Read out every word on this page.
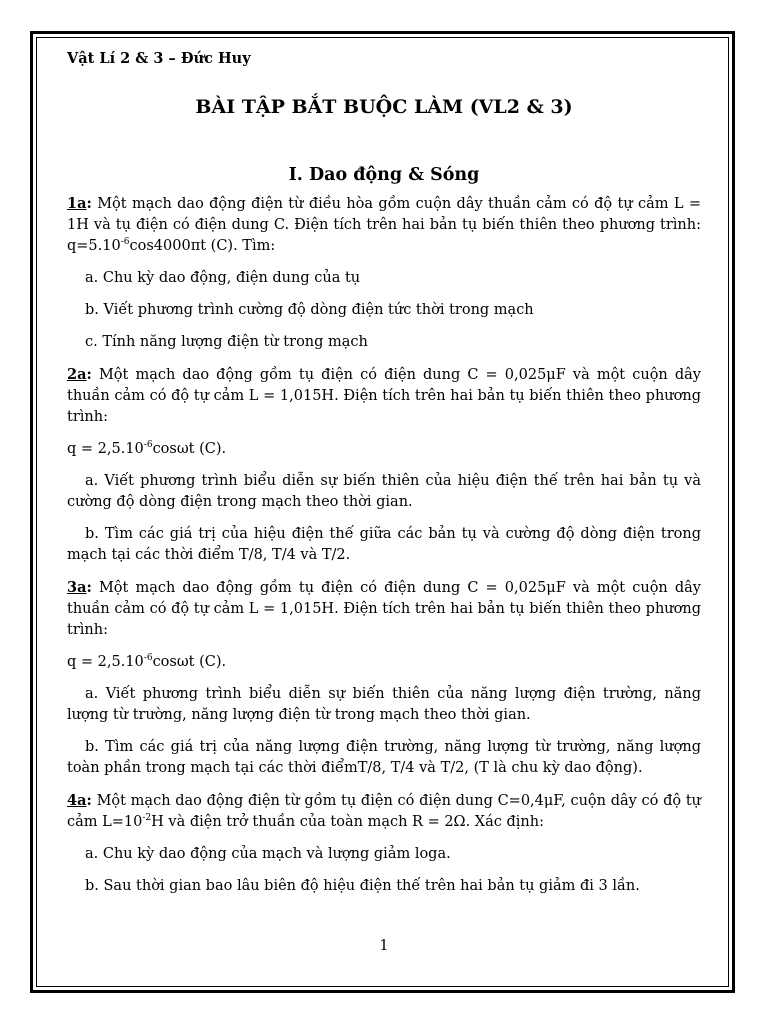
Vật Lí 2 & 3 – Đức Huy

BÀI TẬP BẮT BUỘC LÀM (VL2 & 3)
I. Dao động & Sóng

1a: Một mạch dao động điện từ điều hòa gồm cuộn dây thuần cảm có độ tự cảm L = 1H và tụ điện có điện dung C. Điện tích trên hai bản tụ biến thiên theo phương trình: $q=5.10^{-6}\cos 4000\pi t$ (C). Tìm:

a. Chu kỳ dao động, điện dung của tụ

b. Viết phương trình cường độ dòng điện tức thời trong mạch

c. Tính năng lượng điện từ trong mạch

2a: Một mạch dao động gồm tụ điện có điện dung C = 0,025μF và một cuộn dây thuần cảm có độ tự cảm L = 1,015H. Điện tích trên hai bản tụ biến thiên theo phương trình:

$q = 2,5.10^{-6}\cos\omega t$ (C).

a. Viết phương trình biểu diễn sự biến thiên của hiệu điện thế trên hai bản tụ và cường độ dòng điện trong mạch theo thời gian.

b. Tìm các giá trị của hiệu điện thế giữa các bản tụ và cường độ dòng điện trong mạch tại các thời điểm T/8, T/4 và T/2.

3a: Một mạch dao động gồm tụ điện có điện dung C = 0,025μF và một cuộn dây thuần cảm có độ tự cảm L = 1,015H. Điện tích trên hai bản tụ biến thiên theo phương trình:

$q = 2,5.10^{-6}\cos\omega t$ (C).

a. Viết phương trình biểu diễn sự biến thiên của năng lượng điện trường, năng lượng từ trường, năng lượng điện từ trong mạch theo thời gian.

b. Tìm các giá trị của năng lượng điện trường, năng lượng từ trường, năng lượng toàn phần trong mạch tại các thời điểmT/8, T/4 và T/2, (T là chu kỳ dao động).

4a: Một mạch dao động điện từ gồm tụ điện có điện dung C=0,4μF, cuộn dây có độ tự cảm $L=10^{-2}H$ và điện trở thuần của toàn mạch R = 2Ω. Xác định:

a. Chu kỳ dao động của mạch và lượng giảm loga.

b. Sau thời gian bao lâu biên độ hiệu điện thế trên hai bản tụ giảm đi 3 lần.

1
